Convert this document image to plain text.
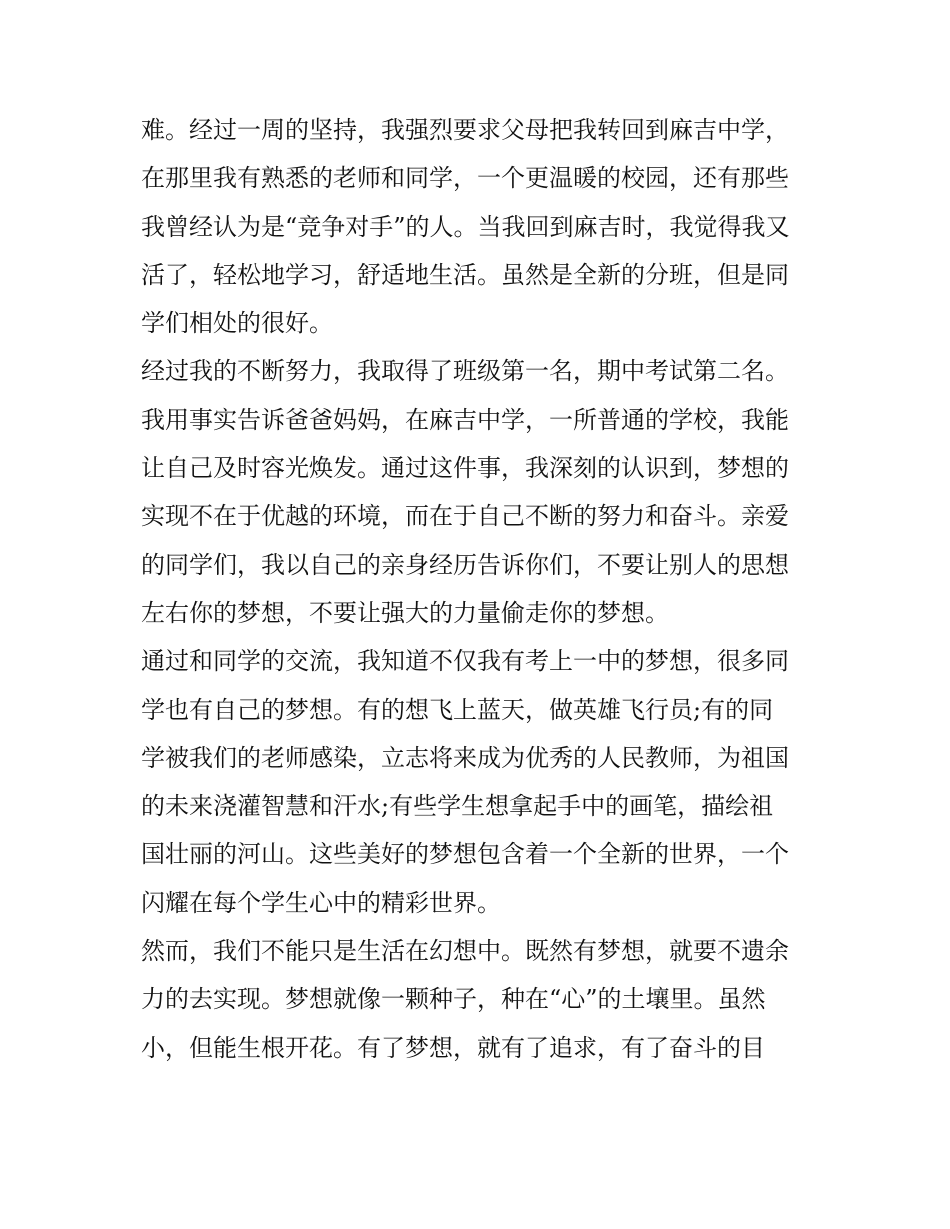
难。经过一周的坚持，我强烈要求父母把我转回到麻吉中学，
在那里我有熟悉的老师和同学，一个更温暖的校园，还有那些
我曾经认为是“竞争对手”的人。当我回到麻吉时，我觉得我又
活了，轻松地学习，舒适地生活。虽然是全新的分班，但是同
学们相处的很好。
经过我的不断努力，我取得了班级第一名，期中考试第二名。
我用事实告诉爸爸妈妈，在麻吉中学，一所普通的学校，我能
让自己及时容光焕发。通过这件事，我深刻的认识到，梦想的
实现不在于优越的环境，而在于自己不断的努力和奋斗。亲爱
的同学们，我以自己的亲身经历告诉你们，不要让别人的思想
左右你的梦想，不要让强大的力量偷走你的梦想。
通过和同学的交流，我知道不仅我有考上一中的梦想，很多同
学也有自己的梦想。有的想飞上蓝天，做英雄飞行员;有的同
学被我们的老师感染，立志将来成为优秀的人民教师，为祖国
的未来浇灌智慧和汗水;有些学生想拿起手中的画笔，描绘祖
国壮丽的河山。这些美好的梦想包含着一个全新的世界，一个
闪耀在每个学生心中的精彩世界。
然而，我们不能只是生活在幻想中。既然有梦想，就要不遗余
力的去实现。梦想就像一颗种子，种在“心”的土壤里。虽然
小，但能生根开花。有了梦想，就有了追求，有了奋斗的目
